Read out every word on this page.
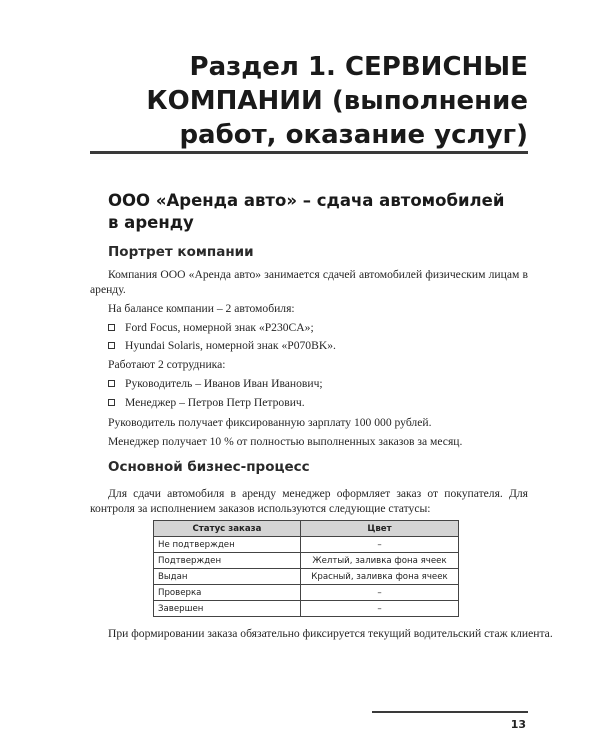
Раздел 1. СЕРВИСНЫЕ
КОМПАНИИ (выполнение
работ, оказание услуг)
ООО «Аренда авто» – сдача автомобилей
в аренду
Портрет компании
Компания ООО «Аренда авто» занимается сдачей автомобилей физическим лицам в аренду.
На балансе компании – 2 автомобиля:
Ford Focus, номерной знак «P230CA»;
Hyundai Solaris, номерной знак «P070BK».
Работают 2 сотрудника:
Руководитель – Иванов Иван Иванович;
Менеджер – Петров Петр Петрович.
Руководитель получает фиксированную зарплату 100 000 рублей.
Менеджер получает 10 % от полностью выполненных заказов за месяц.
Основной бизнес-процесс
Для сдачи автомобиля в аренду менеджер оформляет заказ от покупателя. Для контроля за исполнением заказов используются следующие статусы:
Статус заказа	Цвет
Не подтвержден	–
Подтвержден	Желтый, заливка фона ячеек
Выдан	Красный, заливка фона ячеек
Проверка	–
Завершен	–
При формировании заказа обязательно фиксируется текущий водительский стаж клиента.
13
